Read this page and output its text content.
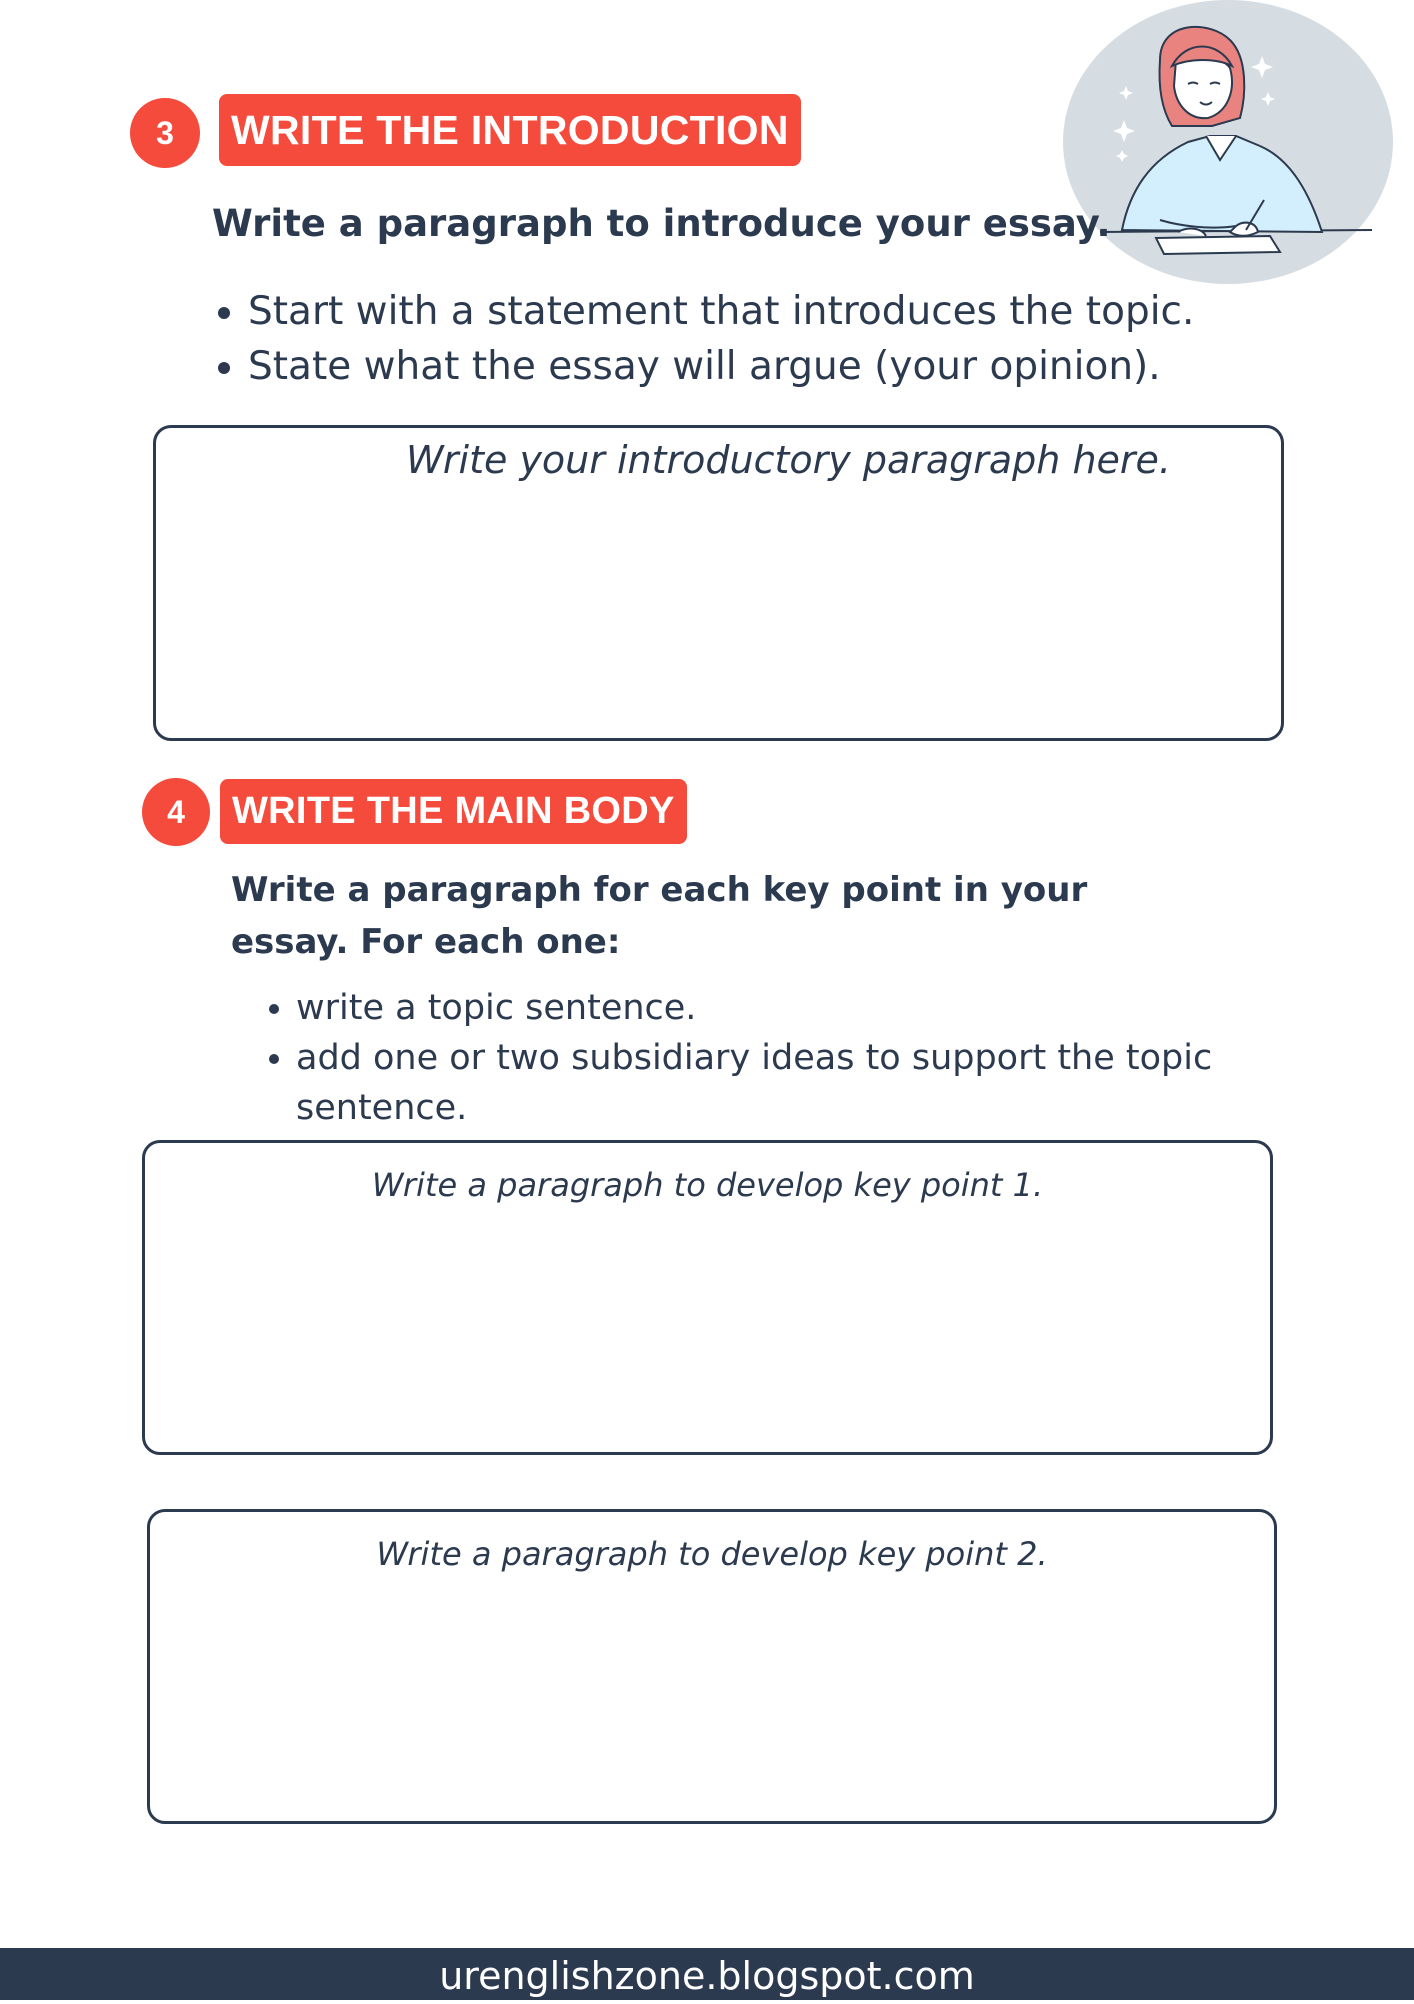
3	WRITE THE INTRODUCTION
Write a paragraph to introduce your essay.
• Start with a statement that introduces the topic.
• State what the essay will argue (your opinion).
Write your introductory paragraph here.
4	WRITE THE MAIN BODY
Write a paragraph for each key point in your essay. For each one:
• write a topic sentence.
• add one or two subsidiary ideas to support the topic sentence.
Write a paragraph to develop key point 1.
Write a paragraph to develop key point 2.
urenglishzone.blogspot.com
